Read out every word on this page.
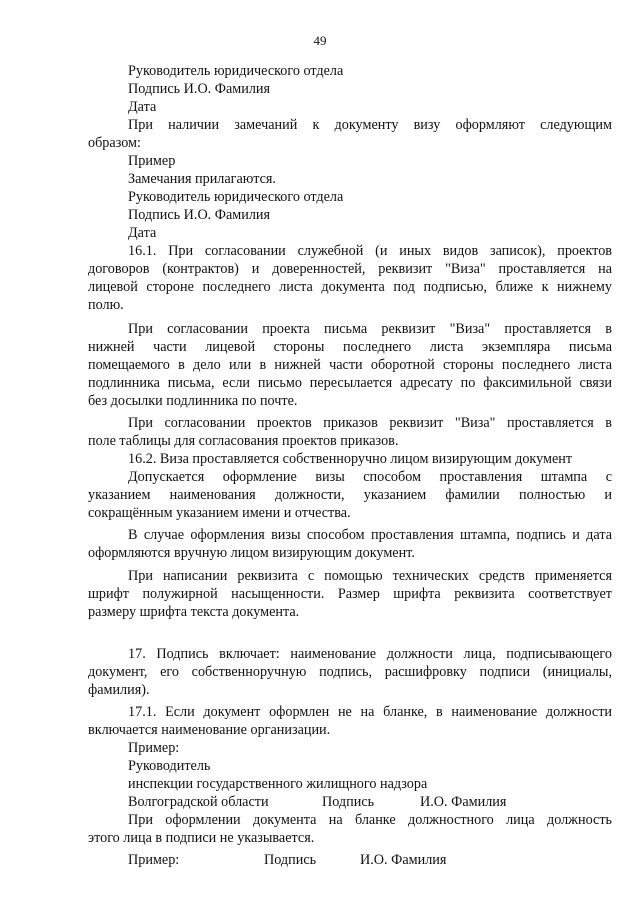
49
Руководитель юридического отдела
Подпись И.О. Фамилия
Дата
При наличии замечаний к документу визу оформляют следующим
образом:
Пример
Замечания прилагаются.
Руководитель юридического отдела
Подпись И.О. Фамилия
Дата
16.1. При согласовании служебной (и иных видов записок), проектов
договоров (контрактов) и доверенностей, реквизит "Виза" проставляется на
лицевой стороне последнего листа документа под подписью, ближе к нижнему
полю.
При согласовании проекта письма реквизит "Виза" проставляется в
нижней части лицевой стороны последнего листа экземпляра письма
помещаемого в дело или в нижней части оборотной стороны последнего листа
подлинника письма, если письмо пересылается адресату по факсимильной связи
без досылки подлинника по почте.
При согласовании проектов приказов реквизит "Виза" проставляется в
поле таблицы для согласования проектов приказов.
16.2. Виза проставляется собственноручно лицом визирующим документ
Допускается оформление визы способом проставления штампа с
указанием наименования должности, указанием фамилии полностью и
сокращённым указанием имени и отчества.
В случае оформления визы способом проставления штампа, подпись и дата
оформляются вручную лицом визирующим документ.
При написании реквизита с помощью технических средств применяется
шрифт полужирной насыщенности. Размер шрифта реквизита соответствует
размеру шрифта текста документа.
17. Подпись включает: наименование должности лица, подписывающего
документ, его собственноручную подпись, расшифровку подписи (инициалы,
фамилия).
17.1. Если документ оформлен не на бланке, в наименование должности
включается наименование организации.
Пример:
Руководитель
инспекции государственного жилищного надзора
Волгоградской области	Подпись	И.О. Фамилия
При оформлении документа на бланке должностного лица должность
этого лица в подписи не указывается.
Пример:	Подпись	И.О. Фамилия
